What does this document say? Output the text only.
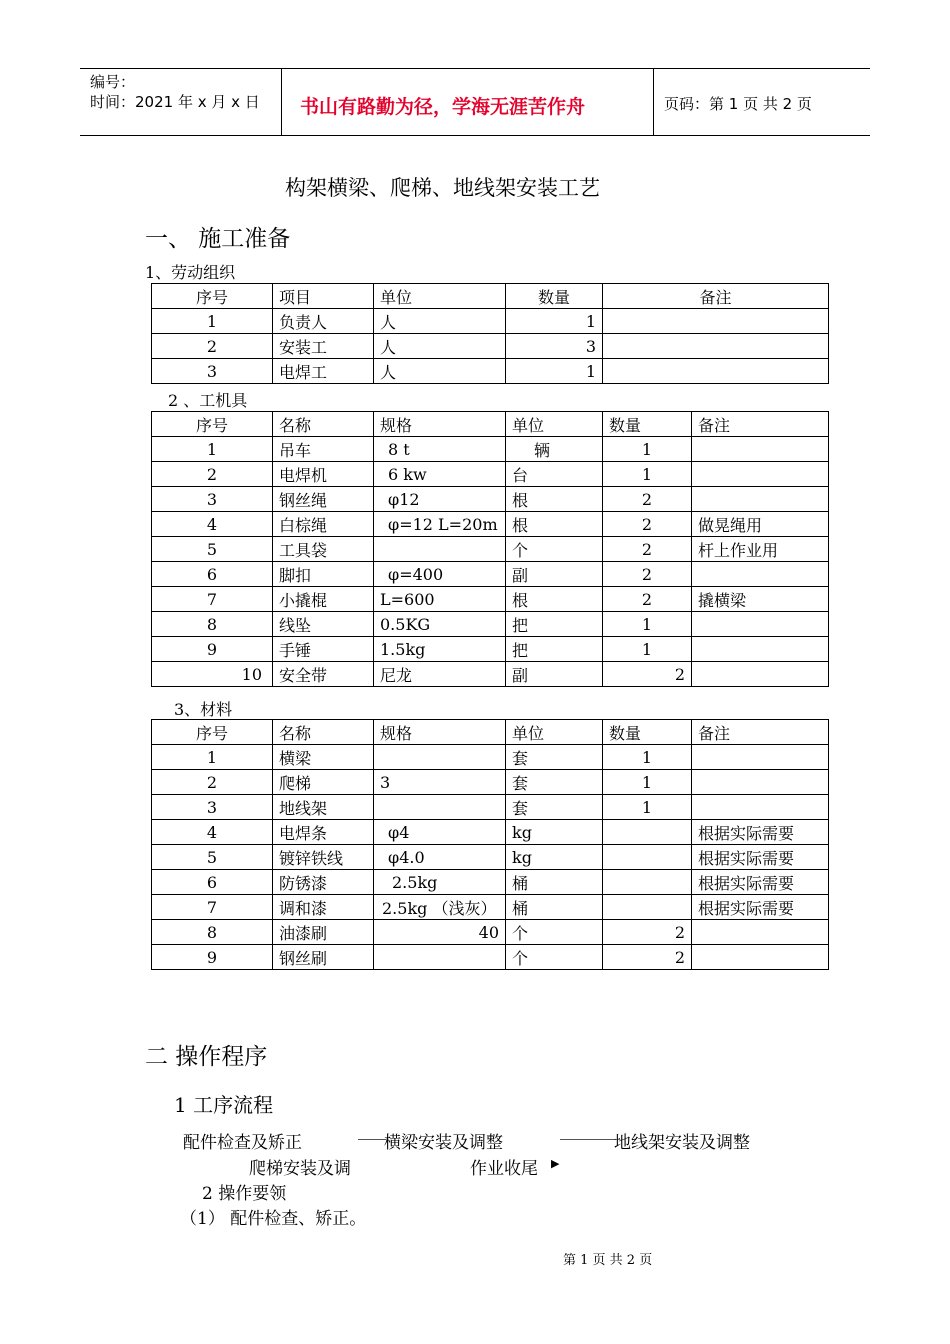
编号：
时间：2021 年 x 月 x 日 书山有路勤为径，学海无涯苦作舟	页码：第 1 页 共 2 页
构架横梁、爬梯、地线架安装工艺
一、 施工准备
1、劳动组织
序号	项目	单位	数量	备注
1	负责人	人	1	
2	安装工	人	3	
3	电焊工	人	1	
2 、工机具
序号	名称	规格	单位	数量	备注
1	吊车	8 t	辆	1	
2	电焊机	6 kw	台	1	
3	钢丝绳	φ12	根	2	
4	白棕绳	φ=12 L=20m	根	2	做晃绳用
5	工具袋		个	2	杆上作业用
6	脚扣	φ=400	副	2	
7	小撬棍	L=600	根	2	撬横梁
8	线坠	0.5KG	把	1	
9	手锤	1.5kg	把	1	
10	安全带	尼龙	副	2	
3、材料
序号	名称	规格	单位	数量	备注
1	横梁		套	1	
2	爬梯	3	套	1	
3	地线架		套	1	
4	电焊条	φ4	kg		根据实际需要
5	镀锌铁线	φ4.0	kg		根据实际需要
6	防锈漆	2.5kg	桶		根据实际需要
7	调和漆	2.5kg （浅灰）	桶		根据实际需要
8	油漆刷	40	个	2	
9	钢丝刷		个	2	
二 操作程序
1 工序流程
配件检查及矫正	横梁安装及调整	地线架安装及调整
爬梯安装及调	作业收尾 ▶
2 操作要领
（1） 配件检查、矫正。
第 1 页 共 2 页
